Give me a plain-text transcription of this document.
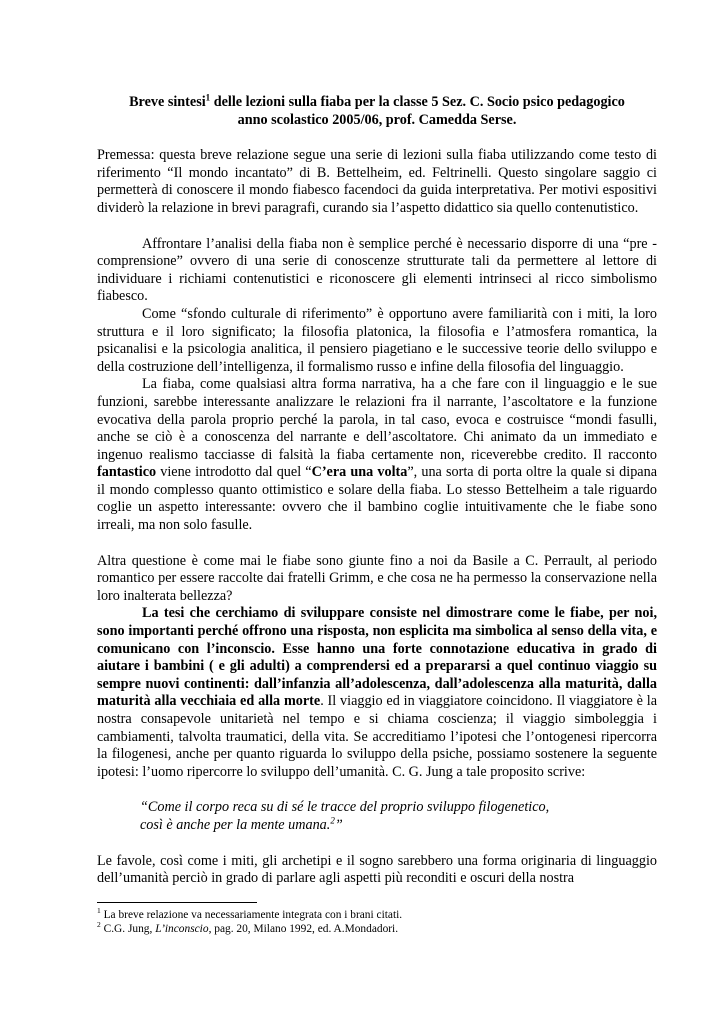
Breve sintesi$^1$ delle lezioni sulla fiaba per la classe 5 Sez. C. Socio psico pedagogico
anno scolastico 2005/06, prof. Camedda Serse.

Premessa: questa breve relazione segue una serie di lezioni sulla fiaba utilizzando come testo di riferimento “Il mondo incantato” di B. Bettelheim, ed. Feltrinelli. Questo singolare saggio ci permetterà di conoscere il mondo fiabesco facendoci da guida interpretativa. Per motivi espositivi dividerò la relazione in brevi paragrafi, curando sia l’aspetto didattico sia quello contenutistico.

Affrontare l’analisi della fiaba non è semplice perché è necessario disporre di una “pre - comprensione” ovvero di una serie di conoscenze strutturate tali da permettere al lettore di individuare i richiami contenutistici e riconoscere gli elementi intrinseci al ricco simbolismo fiabesco.

Come “sfondo culturale di riferimento” è opportuno avere familiarità con i miti, la loro struttura e il loro significato; la filosofia platonica, la filosofia e l’atmosfera romantica, la psicanalisi e la psicologia analitica, il pensiero piagetiano e le successive teorie dello sviluppo e della costruzione dell’intelligenza, il formalismo russo e infine della filosofia del linguaggio.

La fiaba, come qualsiasi altra forma narrativa, ha a che fare con il linguaggio e le sue funzioni, sarebbe interessante analizzare le relazioni fra il narrante, l’ascoltatore e la funzione evocativa della parola proprio perché la parola, in tal caso, evoca e costruisce “mondi fasulli, anche se ciò è a conoscenza del narrante e dell’ascoltatore. Chi animato da un immediato e ingenuo realismo tacciasse di falsità la fiaba certamente non, riceverebbe credito. Il racconto fantastico viene introdotto dal quel “C’era una volta”, una sorta di porta oltre la quale si dipana il mondo complesso quanto ottimistico e solare della fiaba. Lo stesso Bettelheim a tale riguardo coglie un aspetto interessante: ovvero che il bambino coglie intuitivamente che le fiabe sono irreali, ma non solo fasulle.

Altra questione è come mai le fiabe sono giunte fino a noi da Basile a C. Perrault, al periodo romantico per essere raccolte dai fratelli Grimm, e che cosa ne ha permesso la conservazione nella loro inalterata bellezza?

La tesi che cerchiamo di sviluppare consiste nel dimostrare come le fiabe, per noi, sono importanti perché offrono una risposta, non esplicita ma simbolica al senso della vita, e comunicano con l’inconscio. Esse hanno una forte connotazione educativa in grado di aiutare i bambini ( e gli adulti) a comprendersi ed a prepararsi a quel continuo viaggio su sempre nuovi continenti: dall’infanzia all’adolescenza, dall’adolescenza alla maturità, dalla maturità alla vecchiaia ed alla morte. Il viaggio ed in viaggiatore coincidono. Il viaggiatore è la nostra consapevole unitarietà nel tempo e si chiama coscienza; il viaggio simboleggia i cambiamenti, talvolta traumatici, della vita. Se accreditiamo l’ipotesi che l’ontogenesi ripercorra la filogenesi, anche per quanto riguarda lo sviluppo della psiche, possiamo sostenere la seguente ipotesi: l’uomo ripercorre lo sviluppo dell’umanità. C. G. Jung a tale proposito scrive:

“Come il corpo reca su di sé le tracce del proprio sviluppo filogenetico,
così è anche per la mente umana.$^2$”

Le favole, così come i miti, gli archetipi e il sogno sarebbero una forma originaria di linguaggio dell’umanità perciò in grado di parlare agli aspetti più reconditi e oscuri della nostra

$^1$ La breve relazione va necessariamente integrata con i brani citati.

$^2$ C.G. Jung, L’inconscio, pag. 20, Milano 1992, ed. A.Mondadori.
